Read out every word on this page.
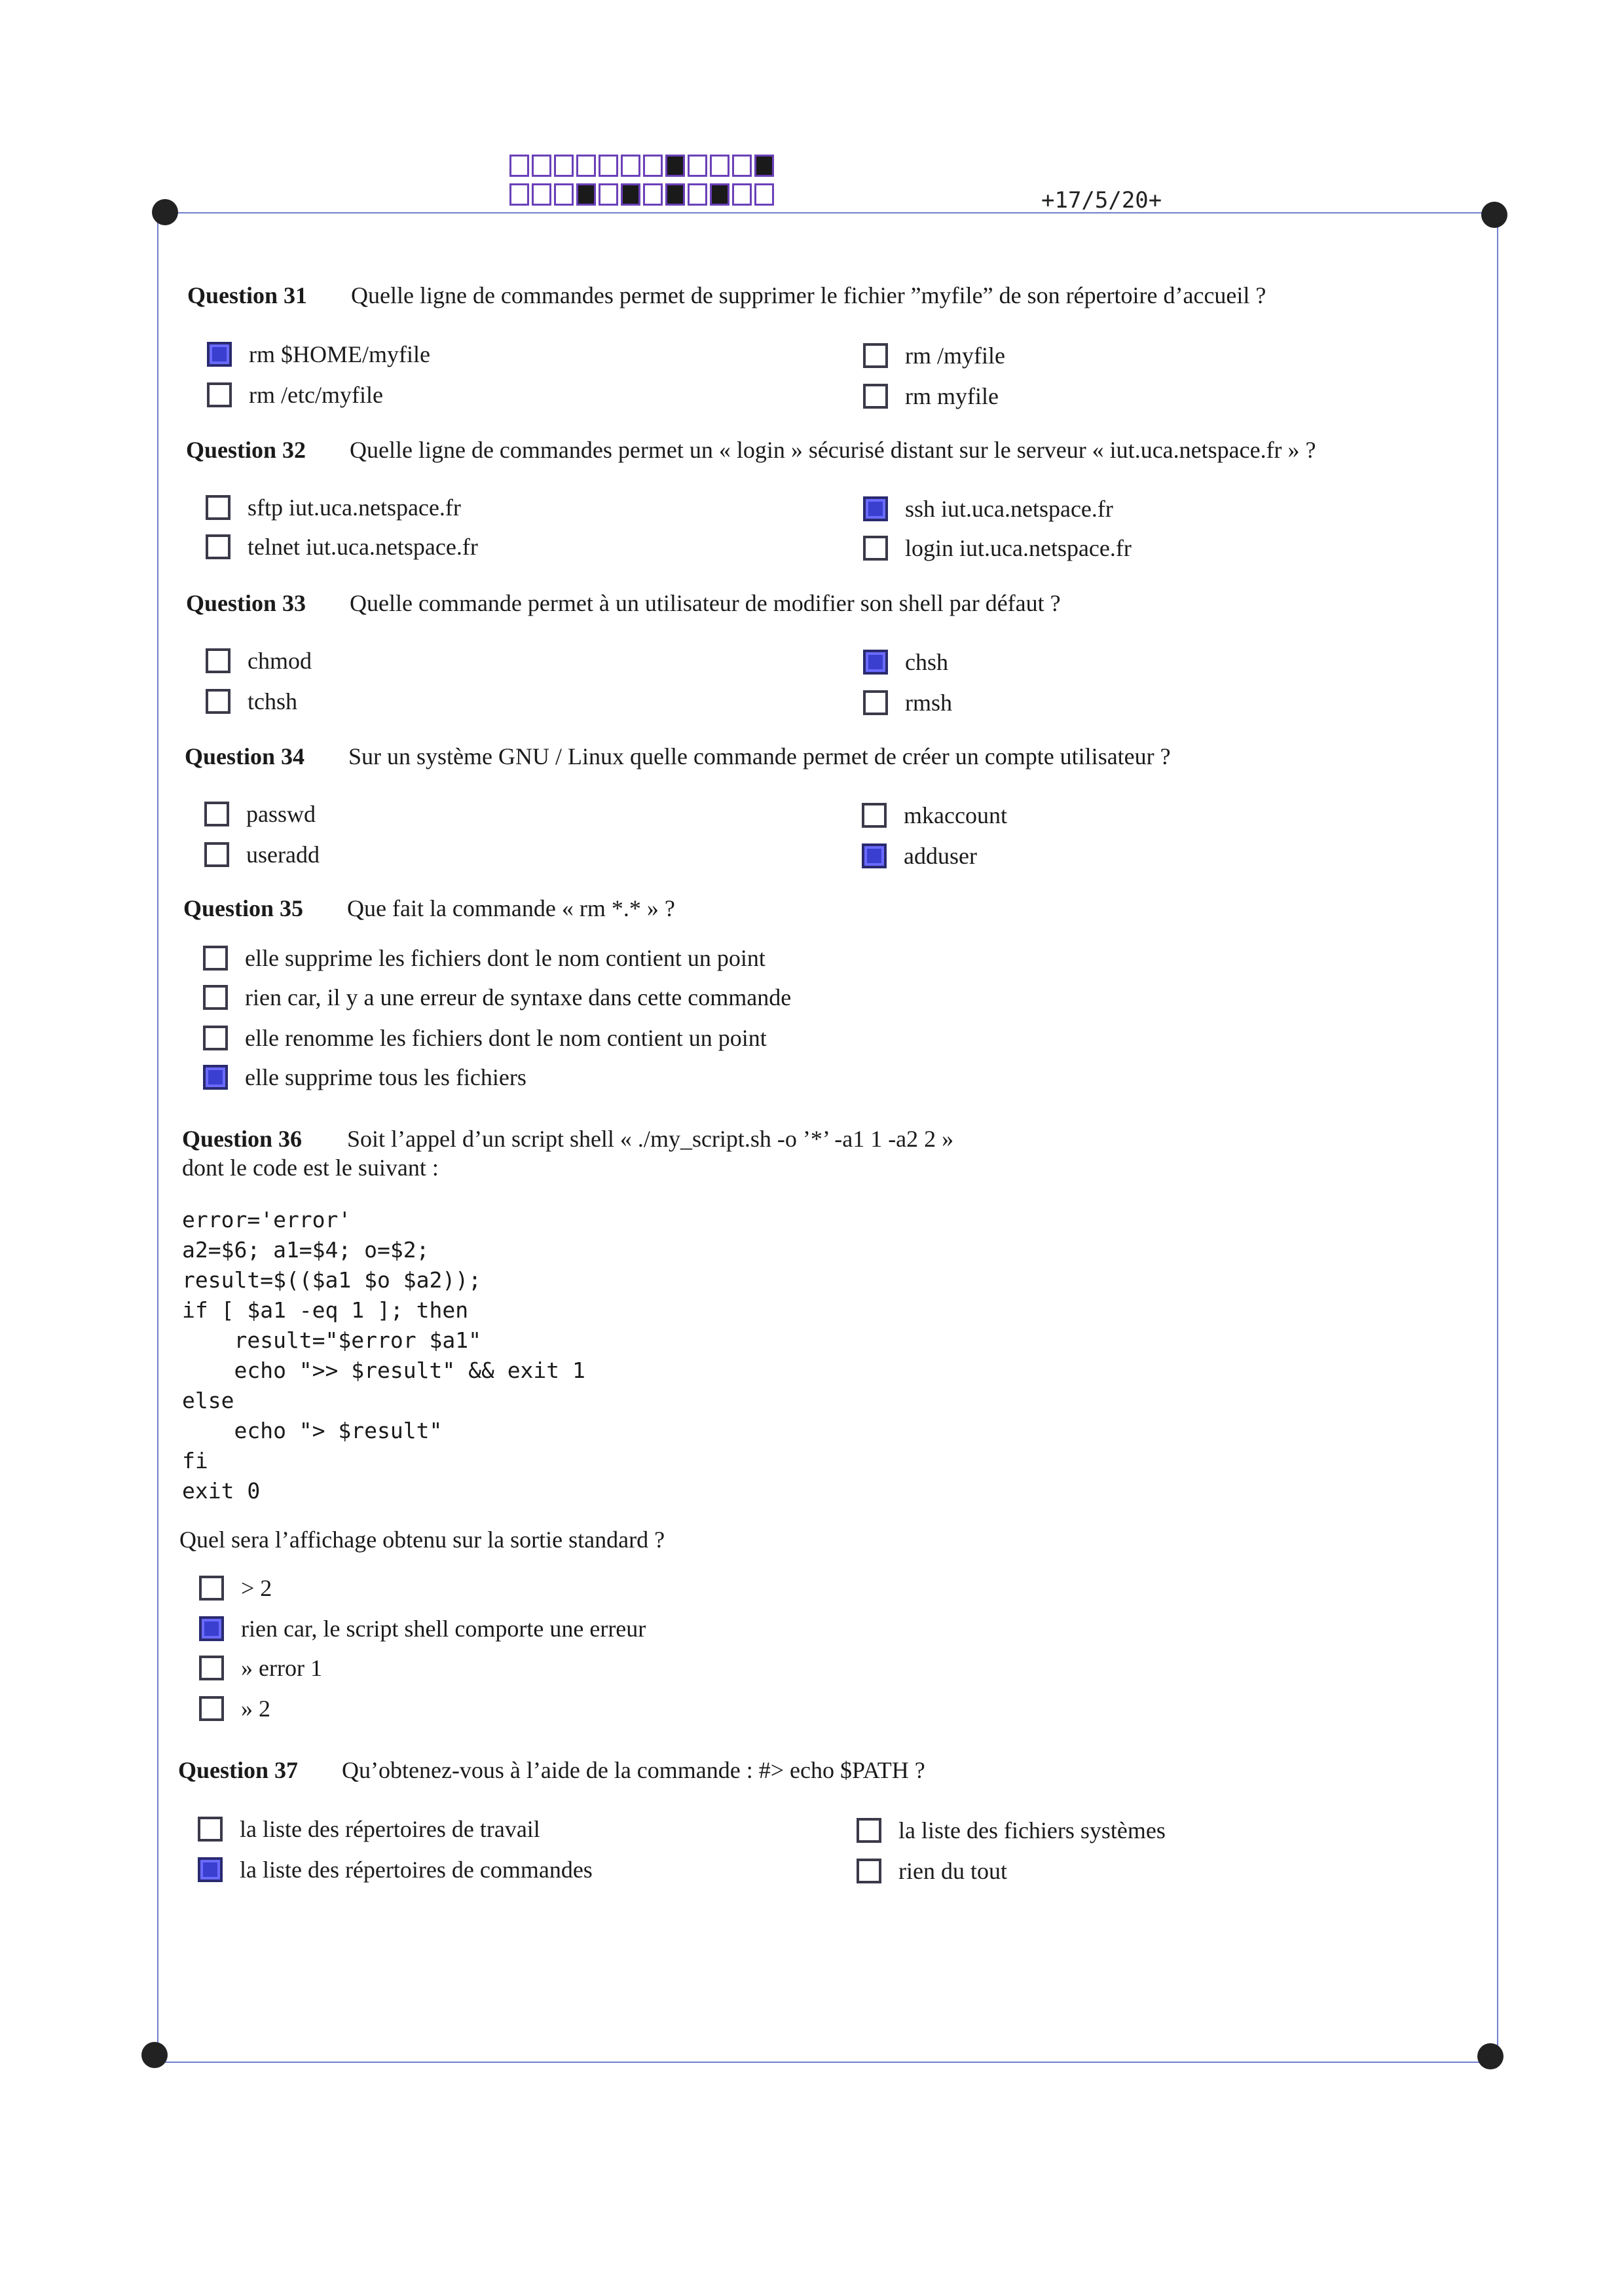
+17/5/20+
Question 31 Quelle ligne de commandes permet de supprimer le fichier ”myfile” de son répertoire d’accueil ?
rm $HOME/myfile	rm /myfile
rm /etc/myfile	rm myfile
Question 32 Quelle ligne de commandes permet un « login » sécurisé distant sur le serveur « iut.uca.netspace.fr » ?
sftp iut.uca.netspace.fr	ssh iut.uca.netspace.fr
telnet iut.uca.netspace.fr	login iut.uca.netspace.fr
Question 33 Quelle commande permet à un utilisateur de modifier son shell par défaut ?
chmod	chsh
tchsh	rmsh
Question 34 Sur un système GNU / Linux quelle commande permet de créer un compte utilisateur ?
passwd	mkaccount
useradd	adduser
Question 35 Que fait la commande « rm *.* » ?
elle supprime les fichiers dont le nom contient un point
rien car, il y a une erreur de syntaxe dans cette commande
elle renomme les fichiers dont le nom contient un point
elle supprime tous les fichiers
Question 36 Soit l’appel d’un script shell « ./my_script.sh -o ’*’ -a1 1 -a2 2 »
dont le code est le suivant :
error='error'
a2=$6; a1=$4; o=$2;
result=$(($a1 $o $a2));
if [ $a1 -eq 1 ]; then
result="$error $a1"
echo ">> $result" && exit 1
else
echo "> $result"
fi
exit 0
Quel sera l’affichage obtenu sur la sortie standard ?
> 2
rien car, le script shell comporte une erreur
» error 1
» 2
Question 37 Qu’obtenez-vous à l’aide de la commande : #> echo $PATH ?
la liste des répertoires de travail	la liste des fichiers systèmes
la liste des répertoires de commandes	rien du tout
